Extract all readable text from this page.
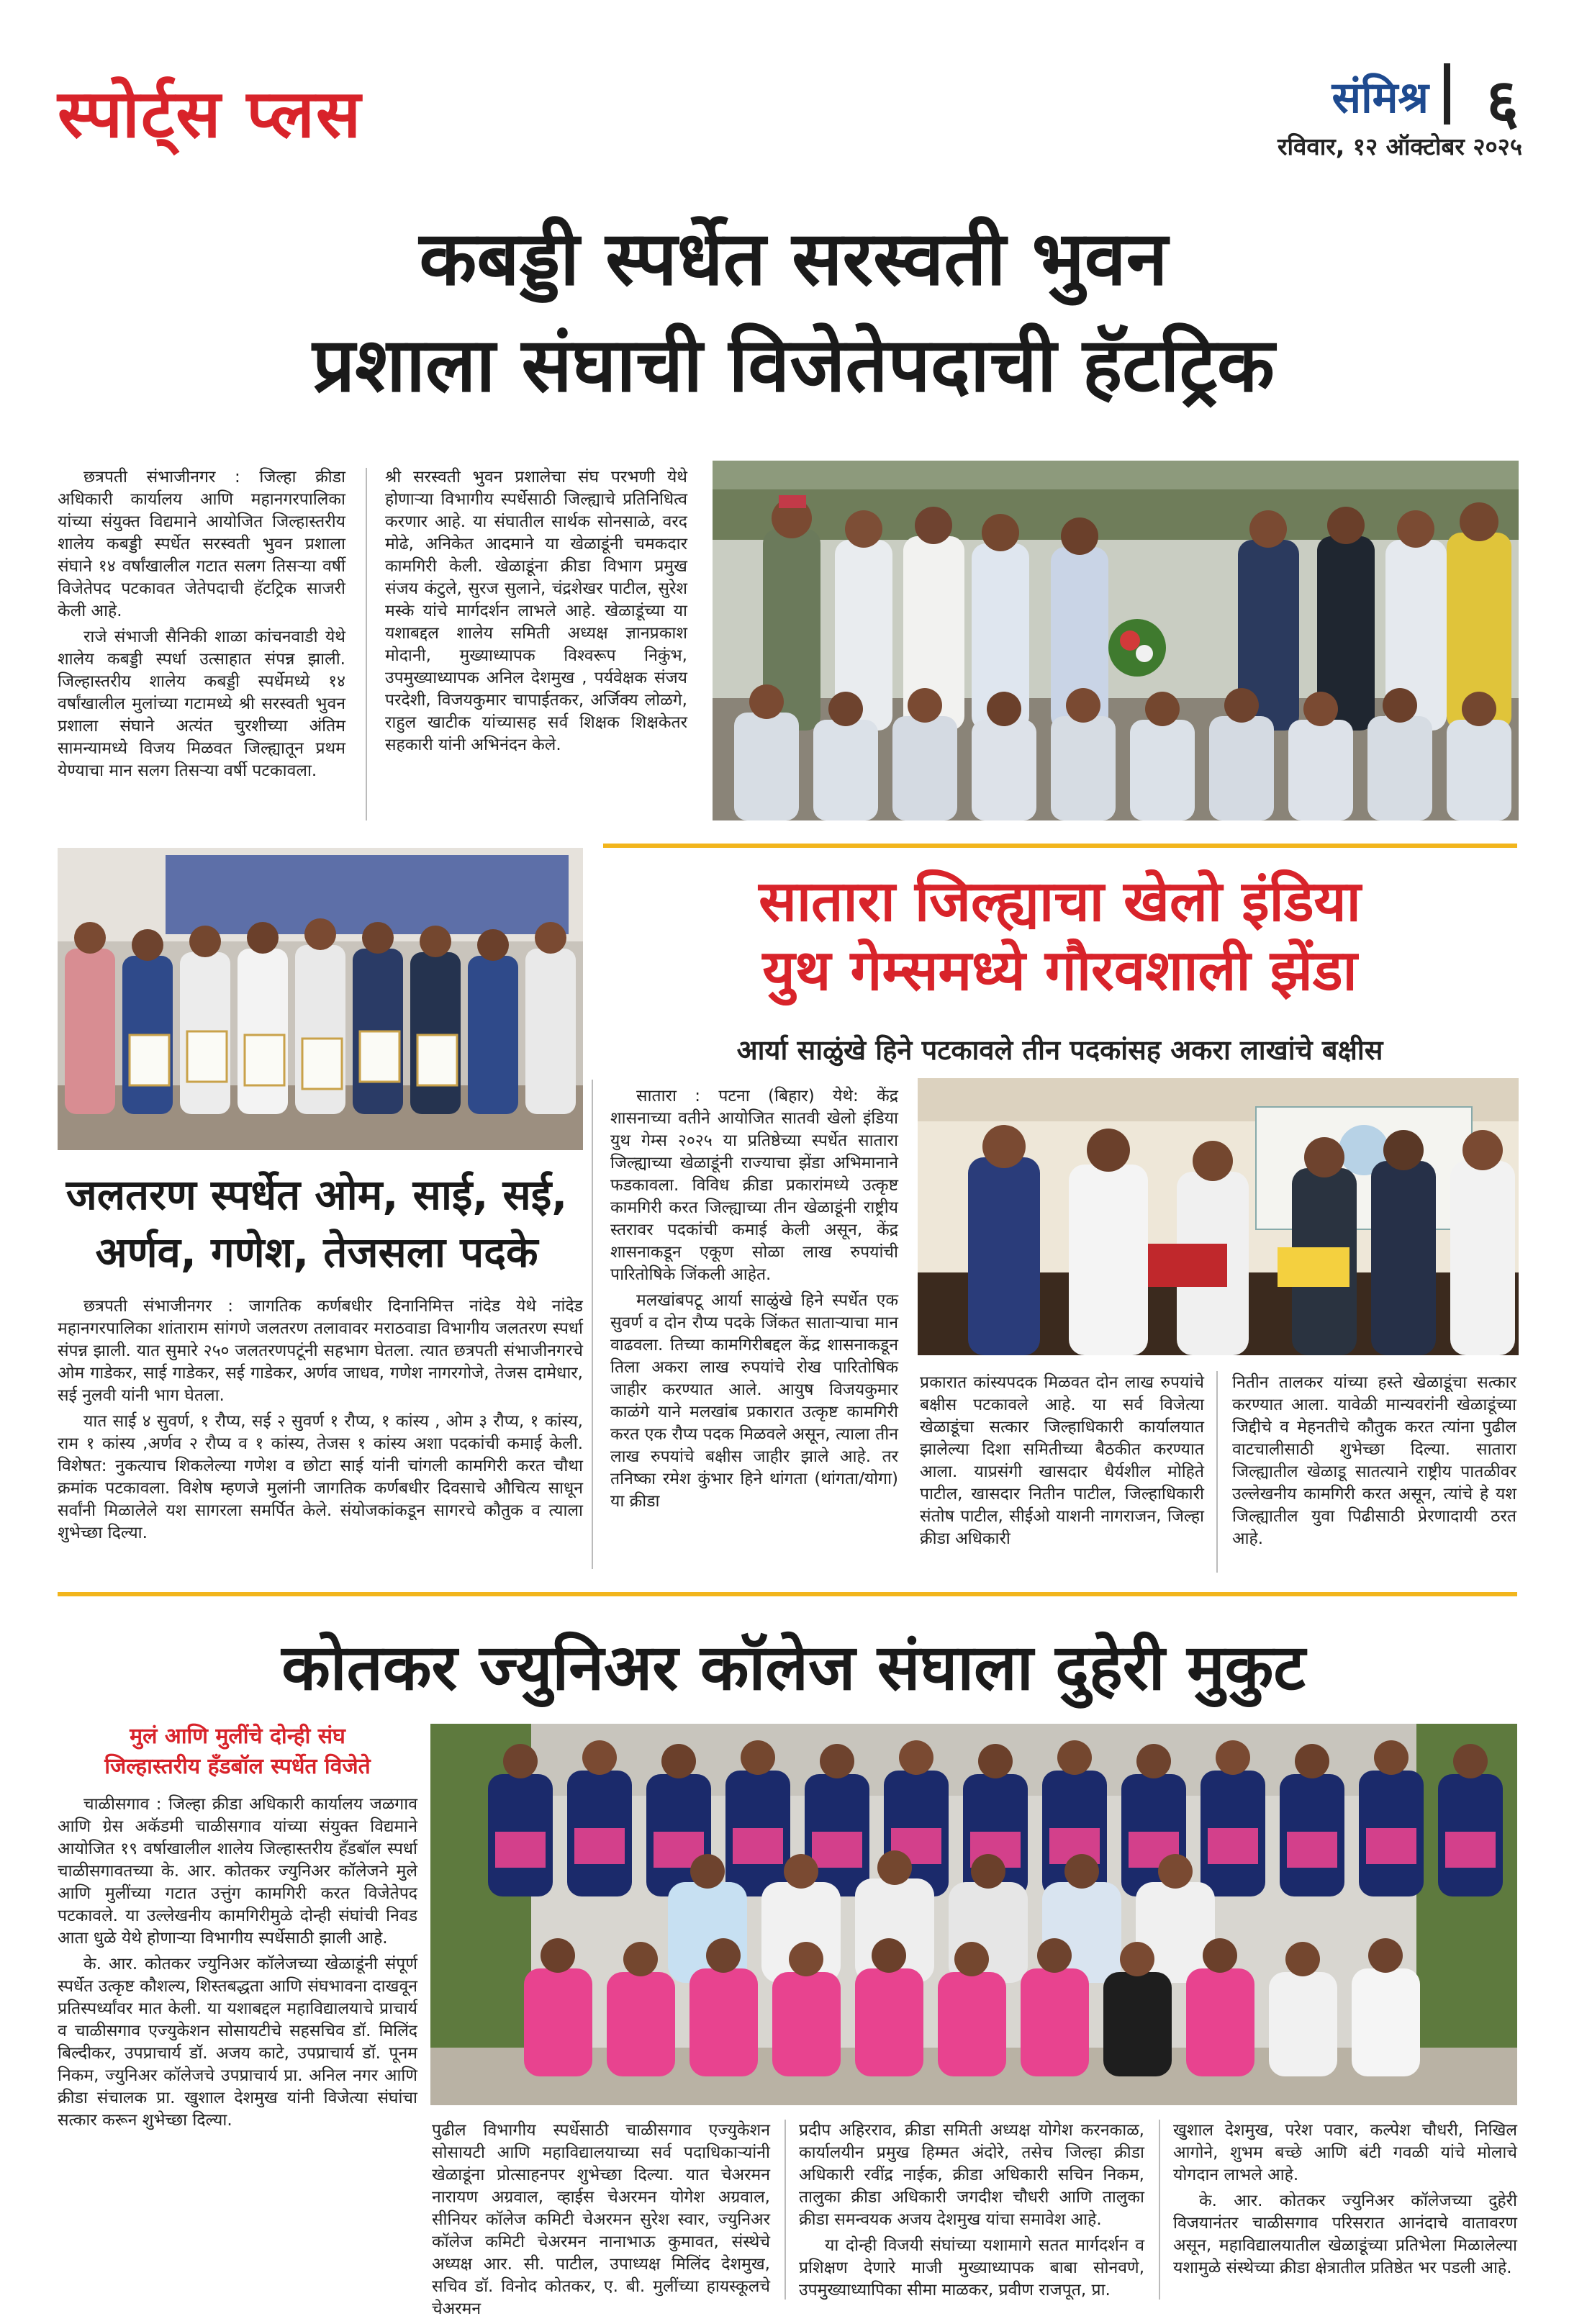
स्पोर्ट्स प्लस	संमिश्र ६
रविवार, १२ ऑक्टोबर २०२५
कबड्डी स्पर्धेत सरस्वती भुवन
प्रशाला संघाची विजेतेपदाची हॅटट्रिक

छत्रपती संभाजीनगर : जिल्हा क्रीडा अधिकारी कार्यालय आणि महानगरपालिका यांच्या संयुक्त विद्यमाने आयोजित जिल्हास्तरीय शालेय कबड्डी स्पर्धेत सरस्वती भुवन प्रशाला संघाने १४ वर्षांखालील गटात सलग तिसऱ्या वर्षी विजेतेपद पटकावत जेतेपदाची हॅटट्रिक साजरी केली आहे.

राजे संभाजी सैनिकी शाळा कांचनवाडी येथे शालेय कबड्डी स्पर्धा उत्साहात संपन्न झाली. जिल्हास्तरीय शालेय कबड्डी स्पर्धेमध्ये १४ वर्षांखालील मुलांच्या गटामध्ये श्री सरस्वती भुवन प्रशाला संघाने अत्यंत चुरशीच्या अंतिम सामन्यामध्ये विजय मिळवत जिल्ह्यातून प्रथम येण्याचा मान सलग तिसऱ्या वर्षी पटकावला.

श्री सरस्वती भुवन प्रशालेचा संघ परभणी येथे होणाऱ्या विभागीय स्पर्धेसाठी जिल्ह्याचे प्रतिनिधित्व करणार आहे. या संघातील सार्थक सोनसाळे, वरद मोढे, अनिकेत आदमाने या खेळाडूंनी चमकदार कामगिरी केली. खेळाडूंना क्रीडा विभाग प्रमुख संजय कंटुले, सुरज सुलाने, चंद्रशेखर पाटील, सुरेश मस्के यांचे मार्गदर्शन लाभले आहे. खेळाडूंच्या या यशाबद्दल शालेय समिती अध्यक्ष ज्ञानप्रकाश मोदानी, मुख्याध्यापक विश्वरूप निकुंभ, उपमुख्याध्यापक अनिल देशमुख , पर्यवेक्षक संजय परदेशी, विजयकुमार चापाईतकर, अर्जिक्य लोळगे, राहुल खाटीक यांच्यासह सर्व शिक्षक शिक्षकेतर सहकारी यांनी अभिनंदन केले.

सातारा जिल्ह्याचा खेलो इंडिया
युथ गेम्समध्ये गौरवशाली झेंडा
आर्या साळुंखे हिने पटकावले तीन पदकांसह अकरा लाखांचे बक्षीस
जलतरण स्पर्धेत ओम, साई, सई,
अर्णव, गणेश, तेजसला पदके

छत्रपती संभाजीनगर : जागतिक कर्णबधीर दिनानिमित्त नांदेड येथे नांदेड महानगरपालिका शांताराम सांगणे जलतरण तलावावर मराठवाडा विभागीय जलतरण स्पर्धा संपन्न झाली. यात सुमारे २५० जलतरणपटूंनी सहभाग घेतला. त्यात छत्रपती संभाजीनगरचे ओम गाडेकर, साई गाडेकर, सई गाडेकर, अर्णव जाधव, गणेश नागरगोजे, तेजस दामेधार, सई नुलवी यांनी भाग घेतला.

यात साई ४ सुवर्ण, १ रौप्य, सई २ सुवर्ण १ रौप्य, १ कांस्य , ओम ३ रौप्य, १ कांस्य, राम १ कांस्य ,अर्णव २ रौप्य व १ कांस्य, तेजस १ कांस्य अशा पदकांची कमाई केली. विशेषत: नुकत्याच शिकलेल्या गणेश व छोटा साई यांनी चांगली कामगिरी करत चौथा क्रमांक पटकावला. विशेष म्हणजे मुलांनी जागतिक कर्णबधीर दिवसाचे औचित्य साधून सर्वांनी मिळालेले यश सागरला समर्पित केले. संयोजकांकडून सागरचे कौतुक व त्याला शुभेच्छा दिल्या.

सातारा : पटना (बिहार) येथे: केंद्र शासनाच्या वतीने आयोजित सातवी खेलो इंडिया युथ गेम्स २०२५ या प्रतिष्ठेच्या स्पर्धेत सातारा जिल्ह्याच्या खेळाडूंनी राज्याचा झेंडा अभिमानाने फडकावला. विविध क्रीडा प्रकारांमध्ये उत्कृष्ट कामगिरी करत जिल्ह्याच्या तीन खेळाडूंनी राष्ट्रीय स्तरावर पदकांची कमाई केली असून, केंद्र शासनाकडून एकूण सोळा लाख रुपयांची पारितोषिके जिंकली आहेत.

मलखांबपटू आर्या साळुंखे हिने स्पर्धेत एक सुवर्ण व दोन रौप्य पदके जिंकत साताऱ्याचा मान वाढवला. तिच्या कामगिरीबद्दल केंद्र शासनाकडून तिला अकरा लाख रुपयांचे रोख पारितोषिक जाहीर करण्यात आले. आयुष विजयकुमार काळंगे याने मलखांब प्रकारात उत्कृष्ट कामगिरी करत एक रौप्य पदक मिळवले असून, त्याला तीन लाख रुपयांचे बक्षीस जाहीर झाले आहे. तर तनिष्का रमेश कुंभार हिने थांगता (थांगता/योगा) या क्रीडा

प्रकारात कांस्यपदक मिळवत दोन लाख रुपयांचे बक्षीस पटकावले आहे. या सर्व विजेत्या खेळाडूंचा सत्कार जिल्हाधिकारी कार्यालयात झालेल्या दिशा समितीच्या बैठकीत करण्यात आला. याप्रसंगी खासदार धैर्यशील मोहिते पाटील, खासदार नितीन पाटील, जिल्हाधिकारी संतोष पाटील, सीईओ याशनी नागराजन, जिल्हा क्रीडा अधिकारी

नितीन तालकर यांच्या हस्ते खेळाडूंचा सत्कार करण्यात आला. यावेळी मान्यवरांनी खेळाडूंच्या जिद्दीचे व मेहनतीचे कौतुक करत त्यांना पुढील वाटचालीसाठी शुभेच्छा दिल्या. सातारा जिल्ह्यातील खेळाडू सातत्याने राष्ट्रीय पातळीवर उल्लेखनीय कामगिरी करत असून, त्यांचे हे यश जिल्ह्यातील युवा पिढीसाठी प्रेरणादायी ठरत आहे.

कोतकर ज्युनिअर कॉलेज संघाला दुहेरी मुकुट
मुलं आणि मुलींचे दोन्ही संघ
जिल्हास्तरीय हँडबॉल स्पर्धेत विजेते

चाळीसगाव : जिल्हा क्रीडा अधिकारी कार्यालय जळगाव आणि ग्रेस अकॅडमी चाळीसगाव यांच्या संयुक्त विद्यमाने आयोजित १९ वर्षाखालील शालेय जिल्हास्तरीय हँडबॉल स्पर्धा चाळीसगावतच्या के. आर. कोतकर ज्युनिअर कॉलेजने मुले आणि मुलींच्या गटात उत्तुंग कामगिरी करत विजेतेपद पटकावले. या उल्लेखनीय कामगिरीमुळे दोन्ही संघांची निवड आता धुळे येथे होणाऱ्या विभागीय स्पर्धेसाठी झाली आहे.

के. आर. कोतकर ज्युनिअर कॉलेजच्या खेळाडूंनी संपूर्ण स्पर्धेत उत्कृष्ट कौशल्य, शिस्तबद्धता आणि संघभावना दाखवून प्रतिस्पर्ध्यांवर मात केली. या यशाबद्दल महाविद्यालयाचे प्राचार्य व चाळीसगाव एज्युकेशन सोसायटीचे सहसचिव डॉ. मिलिंद बिल्दीकर, उपप्राचार्य डॉ. अजय काटे, उपप्राचार्य डॉ. पूनम निकम, ज्युनिअर कॉलेजचे उपप्राचार्य प्रा. अनिल नगर आणि क्रीडा संचालक प्रा. खुशाल देशमुख यांनी विजेत्या संघांचा सत्कार करून शुभेच्छा दिल्या.

पुढील विभागीय स्पर्धेसाठी चाळीसगाव एज्युकेशन सोसायटी आणि महाविद्यालयाच्या सर्व पदाधिकाऱ्यांनी खेळाडूंना प्रोत्साहनपर शुभेच्छा दिल्या. यात चेअरमन नारायण अग्रवाल, व्हाईस चेअरमन योगेश अग्रवाल, सीनियर कॉलेज कमिटी चेअरमन सुरेश स्वार, ज्युनिअर कॉलेज कमिटी चेअरमन नानाभाऊ कुमावत, संस्थेचे अध्यक्ष आर. सी. पाटील, उपाध्यक्ष मिलिंद देशमुख, सचिव डॉ. विनोद कोतकर, ए. बी. मुलींच्या हायस्कूलचे चेअरमन

प्रदीप अहिरराव, क्रीडा समिती अध्यक्ष योगेश करनकाळ, कार्यालयीन प्रमुख हिम्मत अंदोरे, तसेच जिल्हा क्रीडा अधिकारी रवींद्र नाईक, क्रीडा अधिकारी सचिन निकम, तालुका क्रीडा अधिकारी जगदीश चौधरी आणि तालुका क्रीडा समन्वयक अजय देशमुख यांचा समावेश आहे.

या दोन्ही विजयी संघांच्या यशामागे सतत मार्गदर्शन व प्रशिक्षण देणारे माजी मुख्याध्यापक बाबा सोनवणे, उपमुख्याध्यापिका सीमा माळकर, प्रवीण राजपूत, प्रा.

खुशाल देशमुख, परेश पवार, कल्पेश चौधरी, निखिल आगोने, शुभम बच्छे आणि बंटी गवळी यांचे मोलाचे योगदान लाभले आहे.

के. आर. कोतकर ज्युनिअर कॉलेजच्या दुहेरी विजयानंतर चाळीसगाव परिसरात आनंदाचे वातावरण असून, महाविद्यालयातील खेळाडूंच्या प्रतिभेला मिळालेल्या यशामुळे संस्थेच्या क्रीडा क्षेत्रातील प्रतिष्ठेत भर पडली आहे.
